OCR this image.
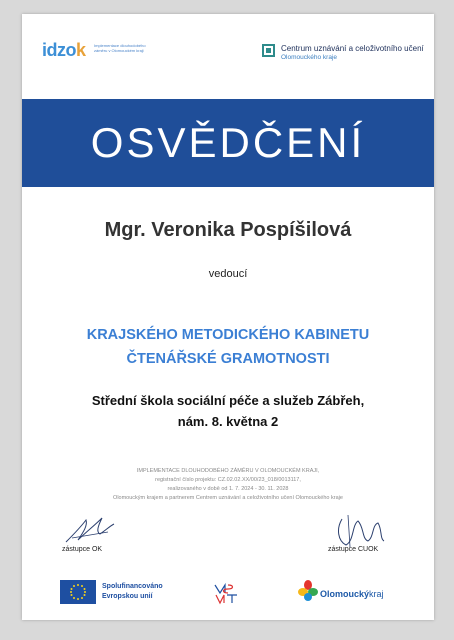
idzok Implementace dlouhodobého záměru v Olomouckém kraji	Centrum uznávání a celoživotního učení
Olomouckého kraje
OSVĚDČENÍ
Mgr. Veronika Pospíšilová
vedoucí
KRAJSKÉHO METODICKÉHO KABINETU
ČTENÁŘSKÉ GRAMOTNOSTI
Střední škola sociální péče a služeb Zábřeh,
nám. 8. května 2
IMPLEMENTACE DLOUHODOBÉHO ZÁMĚRU V OLOMOUCKÉM KRAJI,
registrační číslo projektu: CZ.02.02.XX/00/23_018/0013117,
realizovaného v době od 1. 7. 2024 - 30. 11. 2028
Olomouckým krajem a partnerem Centrem uznávání a celoživotního učení Olomouckého kraje
zástupce OK	zástupce CUOK
Spolufinancováno
Evropskou unií	Olomouckýkraj
